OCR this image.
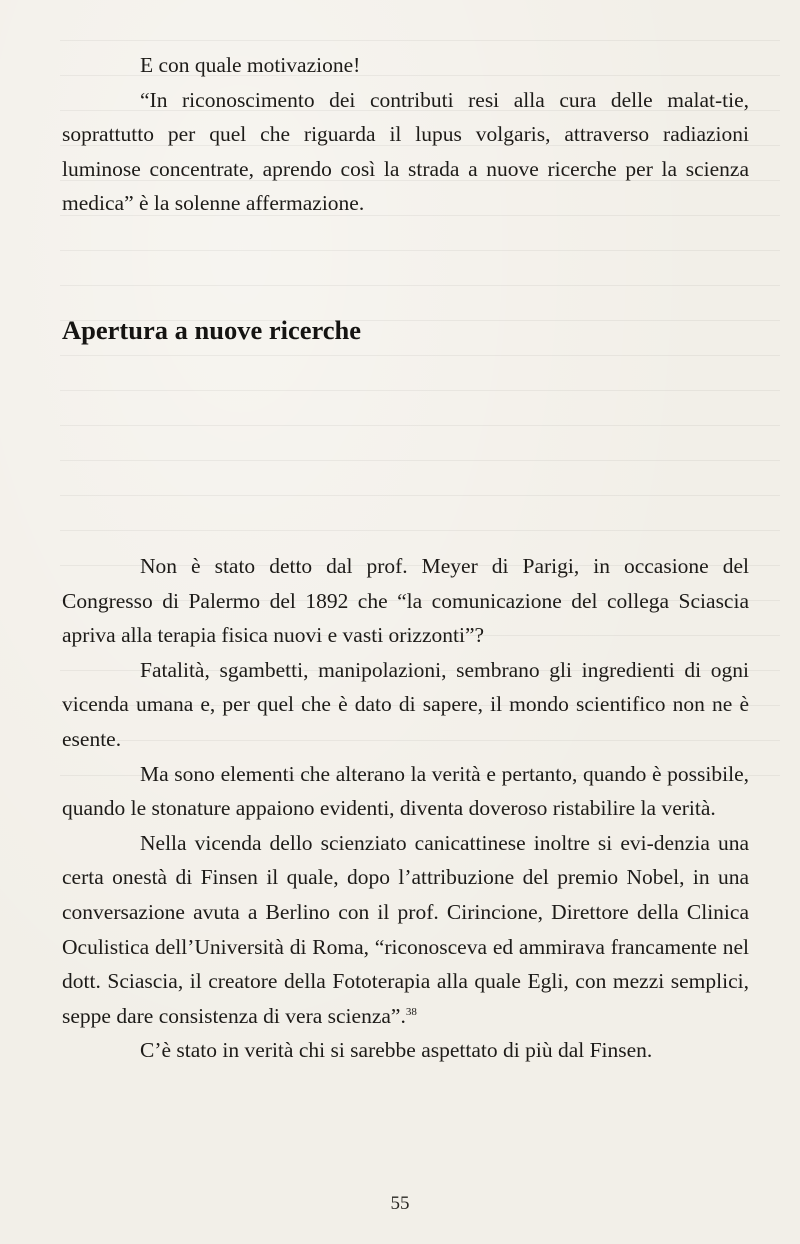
E con quale motivazione!

“In riconoscimento dei contributi resi alla cura delle malat-tie, soprattutto per quel che riguarda il lupus volgaris, attraverso radiazioni luminose concentrate, aprendo così la strada a nuove ricerche per la scienza medica” è la solenne affermazione.

Apertura a nuove ricerche

Non è stato detto dal prof. Meyer di Parigi, in occasione del Congresso di Palermo del 1892 che “la comunicazione del collega Sciascia apriva alla terapia fisica nuovi e vasti orizzonti”?

Fatalità, sgambetti, manipolazioni, sembrano gli ingredienti di ogni vicenda umana e, per quel che è dato di sapere, il mondo scientifico non ne è esente.

Ma sono elementi che alterano la verità e pertanto, quando è possibile, quando le stonature appaiono evidenti, diventa doveroso ristabilire la verità.

Nella vicenda dello scienziato canicattinese inoltre si evi-denzia una certa onestà di Finsen il quale, dopo l’attribuzione del premio Nobel, in una conversazione avuta a Berlino con il prof. Cirincione, Direttore della Clinica Oculistica dell’Università di Roma, “riconosceva ed ammirava francamente nel dott. Sciascia, il creatore della Fototerapia alla quale Egli, con mezzi semplici, seppe dare consistenza di vera scienza”.$^{38}$

C’è stato in verità chi si sarebbe aspettato di più dal Finsen.

55
